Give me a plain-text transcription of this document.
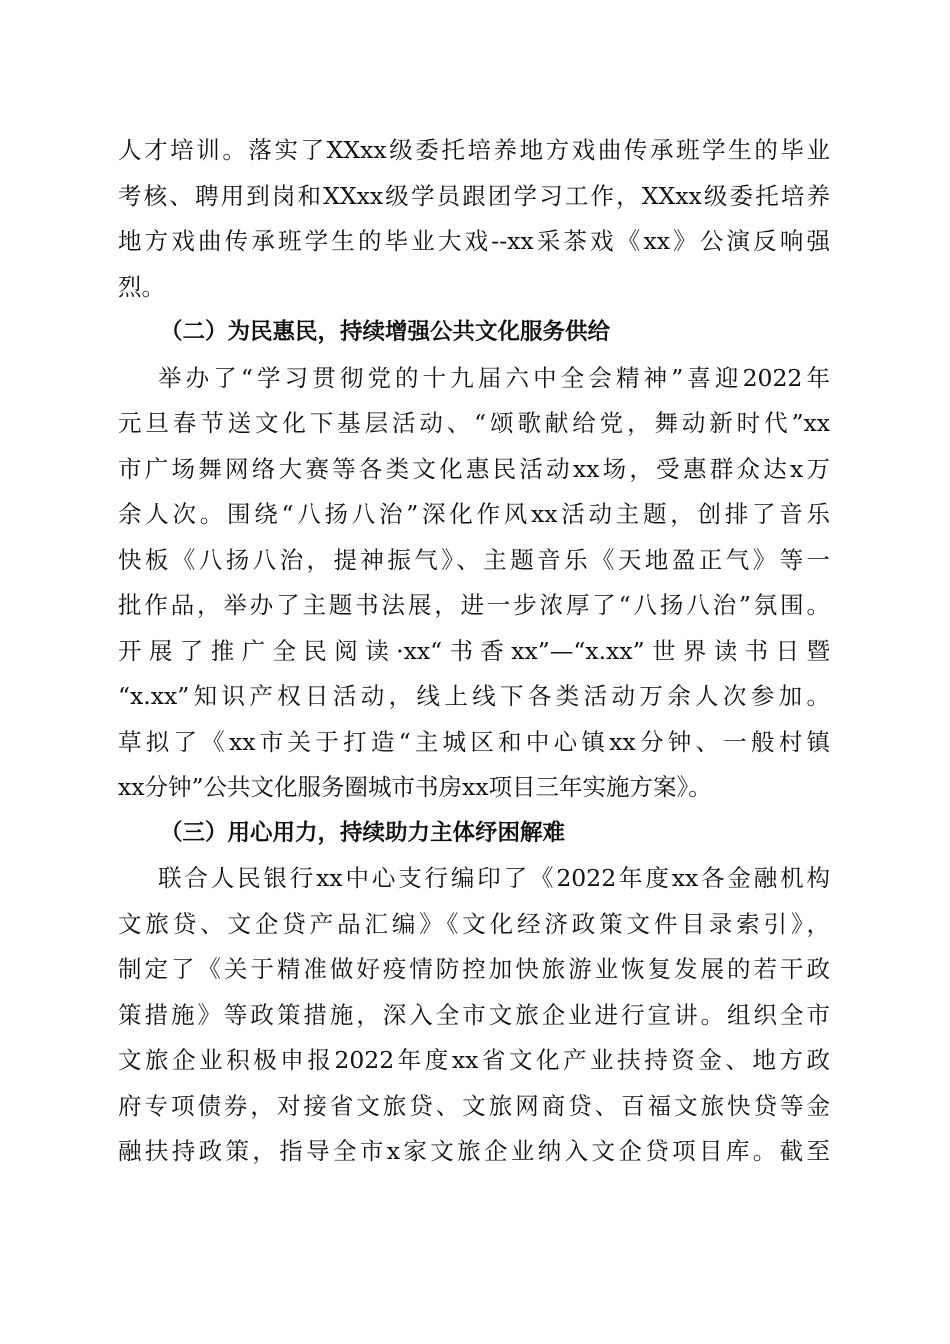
人才培训。落实了XXxx级委托培养地方戏曲传承班学生的毕业
考核、聘用到岗和XXxx级学员跟团学习工作，XXxx级委托培养
地方戏曲传承班学生的毕业大戏--xx采茶戏《xx》公演反响强
烈。
（二）为民惠民，持续增强公共文化服务供给
举办了“学习贯彻党的十九届六中全会精神”喜迎2022年
元旦春节送文化下基层活动、“颂歌献给党，舞动新时代”xx
市广场舞网络大赛等各类文化惠民活动xx场，受惠群众达x万
余人次。围绕“八扬八治”深化作风xx活动主题，创排了音乐
快板《八扬八治，提神振气》、主题音乐《天地盈正气》等一
批作品，举办了主题书法展，进一步浓厚了“八扬八治”氛围。
开展了推广全民阅读·xx“书香xx”—“x.xx”世界读书日暨
“x.xx”知识产权日活动，线上线下各类活动万余人次参加。
草拟了《xx市关于打造“主城区和中心镇xx分钟、一般村镇
xx分钟”公共文化服务圈城市书房xx项目三年实施方案》。
（三）用心用力，持续助力主体纾困解难
联合人民银行xx中心支行编印了《2022年度xx各金融机构
文旅贷、文企贷产品汇编》《文化经济政策文件目录索引》，
制定了《关于精准做好疫情防控加快旅游业恢复发展的若干政
策措施》等政策措施，深入全市文旅企业进行宣讲。组织全市
文旅企业积极申报2022年度xx省文化产业扶持资金、地方政
府专项债券，对接省文旅贷、文旅网商贷、百福文旅快贷等金
融扶持政策，指导全市x家文旅企业纳入文企贷项目库。截至
